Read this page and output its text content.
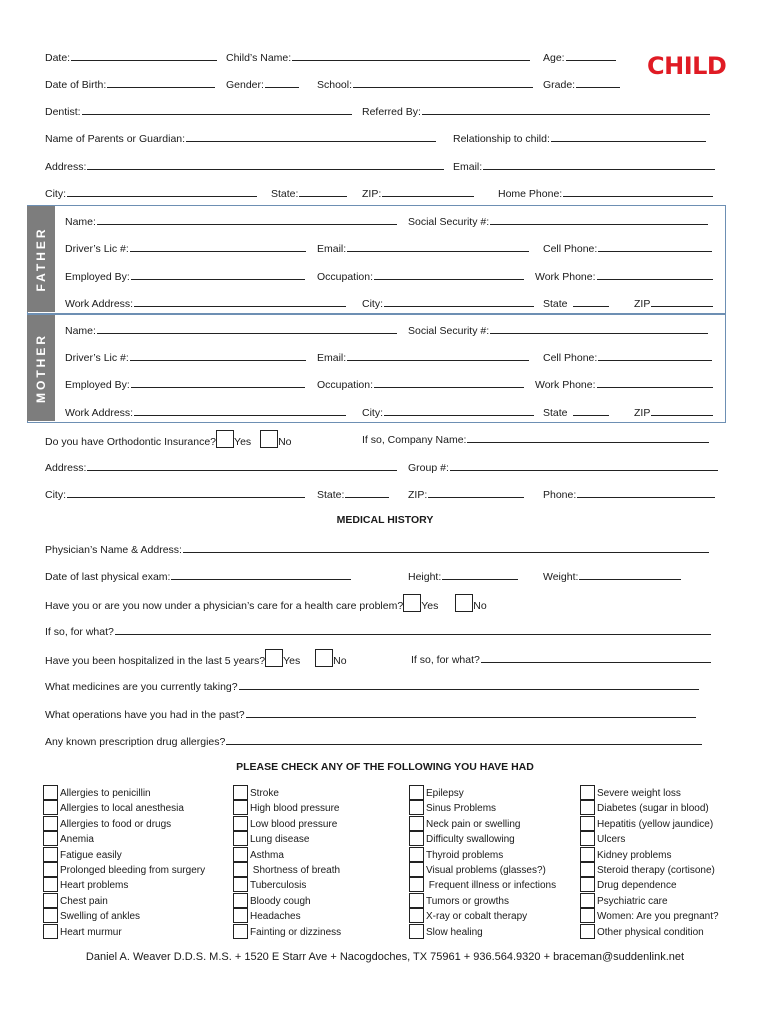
CHILD
Date:	Child’s Name:	Age:
Date of Birth:	Gender:	School:	Grade:
Dentist:	Referred By:
Name of Parents or Guardian:	Relationship to child:
Address:	Email:
City:	State:	ZIP:	Home Phone:
FATHER
Name:	Social Security #:
Driver’s Lic #:	Email:	Cell Phone:
Employed By:	Occupation:	Work Phone:
Work Address:	City:	State	ZIP
MOTHER
Name:	Social Security #:
Driver’s Lic #:	Email:	Cell Phone:
Employed By:	Occupation:	Work Phone:
Work Address:	City:	State	ZIP
Do you have Orthodontic Insurance? Yes	No	If so, Company Name:
Address:	Group #:
City:	State:	ZIP:	Phone:
MEDICAL HISTORY
Physician’s Name & Address:
Date of last physical exam:	Height:	Weight:
Have you or are you now under a physician’s care for a health care problem? Yes	No
If so, for what?
Have you been hospitalized in the last 5 years? Yes	No	If so, for what?
What medicines are you currently taking?
What operations have you had in the past?
Any known prescription drug allergies?
PLEASE CHECK ANY OF THE FOLLOWING YOU HAVE HAD
Allergies to penicillin
Allergies to local anesthesia
Allergies to food or drugs
Anemia
Fatigue easily
Prolonged bleeding from surgery
Heart problems
Chest pain
Swelling of ankles
Heart murmur
Stroke
High blood pressure
Low blood pressure
Lung disease
Asthma
Shortness of breath
Tuberculosis
Bloody cough
Headaches
Fainting or dizziness
Epilepsy
Sinus Problems
Neck pain or swelling
Difficulty swallowing
Thyroid problems
Visual problems (glasses?)
Frequent illness or infections
Tumors or growths
X-ray or cobalt therapy
Slow healing
Severe weight loss
Diabetes (sugar in blood)
Hepatitis (yellow jaundice)
Ulcers
Kidney problems
Steroid therapy (cortisone)
Drug dependence
Psychiatric care
Women: Are you pregnant?
Other physical condition
Daniel A. Weaver D.D.S. M.S. + 1520 E Starr Ave + Nacogdoches, TX 75961 + 936.564.9320 + braceman@suddenlink.net
